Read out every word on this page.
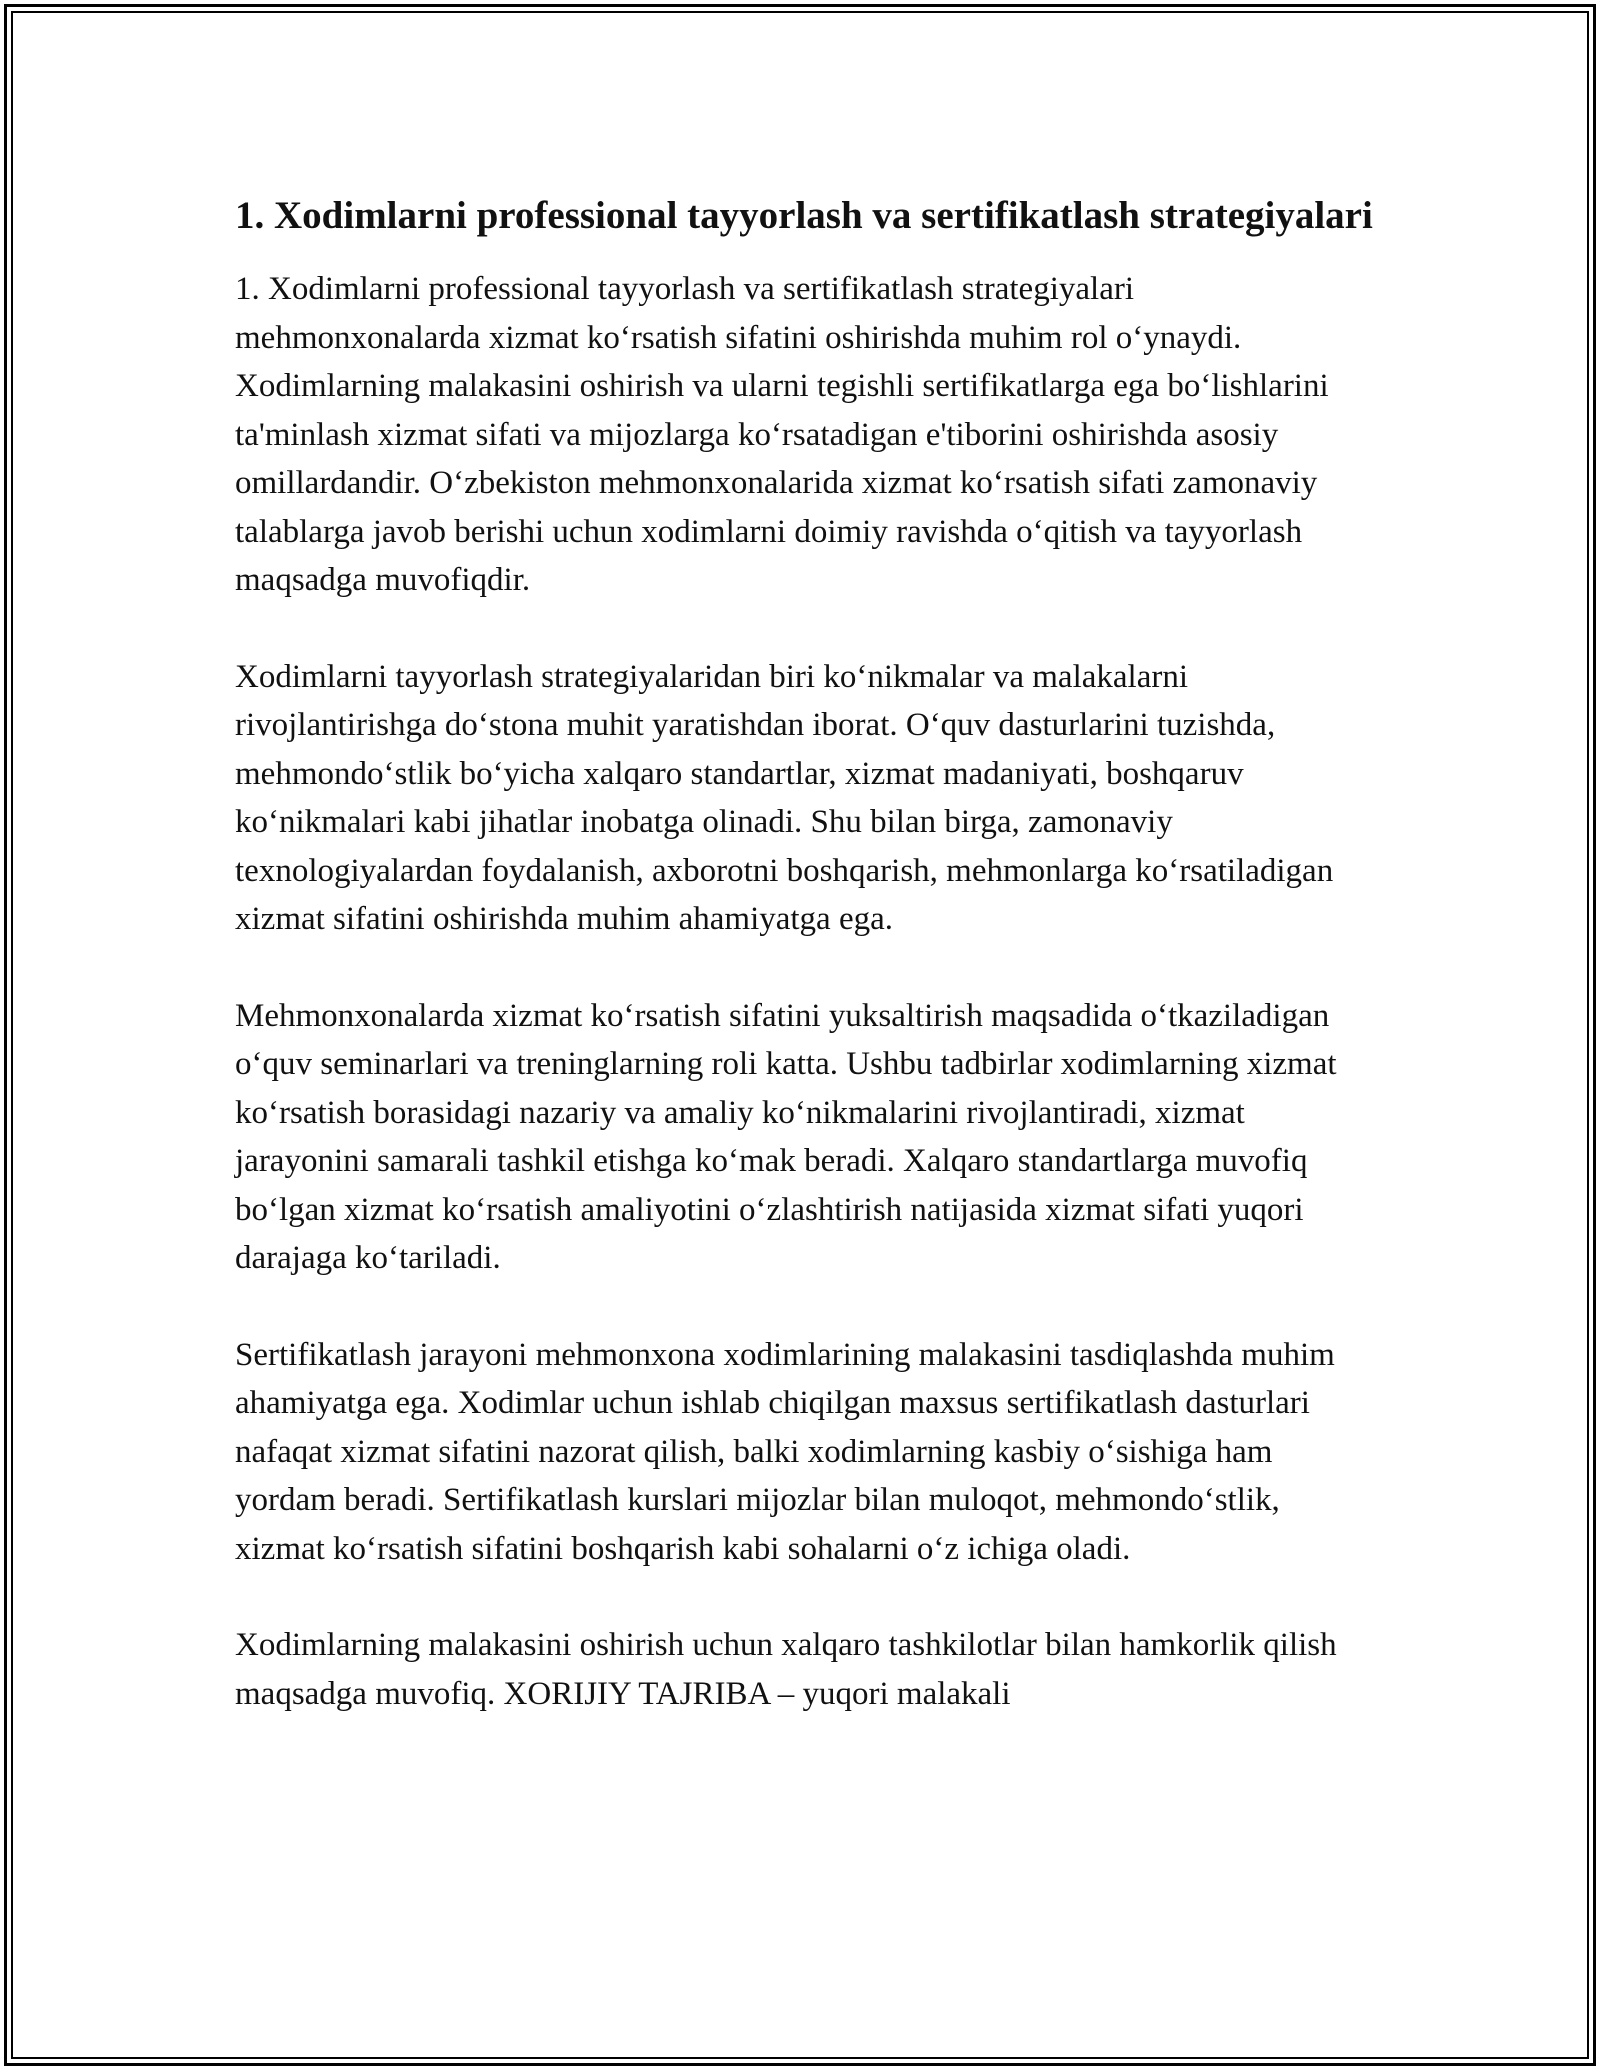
1. Xodimlarni professional tayyorlash va sertifikatlash strategiyalari

1. Xodimlarni professional tayyorlash va sertifikatlash strategiyalari mehmonxonalarda xizmat ko‘rsatish sifatini oshirishda muhim rol o‘ynaydi. Xodimlarning malakasini oshirish va ularni tegishli sertifikatlarga ega bo‘lishlarini ta'minlash xizmat sifati va mijozlarga ko‘rsatadigan e'tiborini oshirishda asosiy omillardandir. O‘zbekiston mehmonxonalarida xizmat ko‘rsatish sifati zamonaviy talablarga javob berishi uchun xodimlarni doimiy ravishda o‘qitish va tayyorlash maqsadga muvofiqdir.

Xodimlarni tayyorlash strategiyalaridan biri ko‘nikmalar va malakalarni rivojlantirishga do‘stona muhit yaratishdan iborat. O‘quv dasturlarini tuzishda, mehmondo‘stlik bo‘yicha xalqaro standartlar, xizmat madaniyati, boshqaruv ko‘nikmalari kabi jihatlar inobatga olinadi. Shu bilan birga, zamonaviy texnologiyalardan foydalanish, axborotni boshqarish, mehmonlarga ko‘rsatiladigan xizmat sifatini oshirishda muhim ahamiyatga ega.

Mehmonxonalarda xizmat ko‘rsatish sifatini yuksaltirish maqsadida o‘tkaziladigan o‘quv seminarlari va treninglarning roli katta. Ushbu tadbirlar xodimlarning xizmat ko‘rsatish borasidagi nazariy va amaliy ko‘nikmalarini rivojlantiradi, xizmat jarayonini samarali tashkil etishga ko‘mak beradi. Xalqaro standartlarga muvofiq bo‘lgan xizmat ko‘rsatish amaliyotini o‘zlashtirish natijasida xizmat sifati yuqori darajaga ko‘tariladi.

Sertifikatlash jarayoni mehmonxona xodimlarining malakasini tasdiqlashda muhim ahamiyatga ega. Xodimlar uchun ishlab chiqilgan maxsus sertifikatlash dasturlari nafaqat xizmat sifatini nazorat qilish, balki xodimlarning kasbiy o‘sishiga ham yordam beradi. Sertifikatlash kurslari mijozlar bilan muloqot, mehmondo‘stlik, xizmat ko‘rsatish sifatini boshqarish kabi sohalarni o‘z ichiga oladi.

Xodimlarning malakasini oshirish uchun xalqaro tashkilotlar bilan hamkorlik qilish maqsadga muvofiq. XORIJIY TAJRIBA – yuqori malakali
